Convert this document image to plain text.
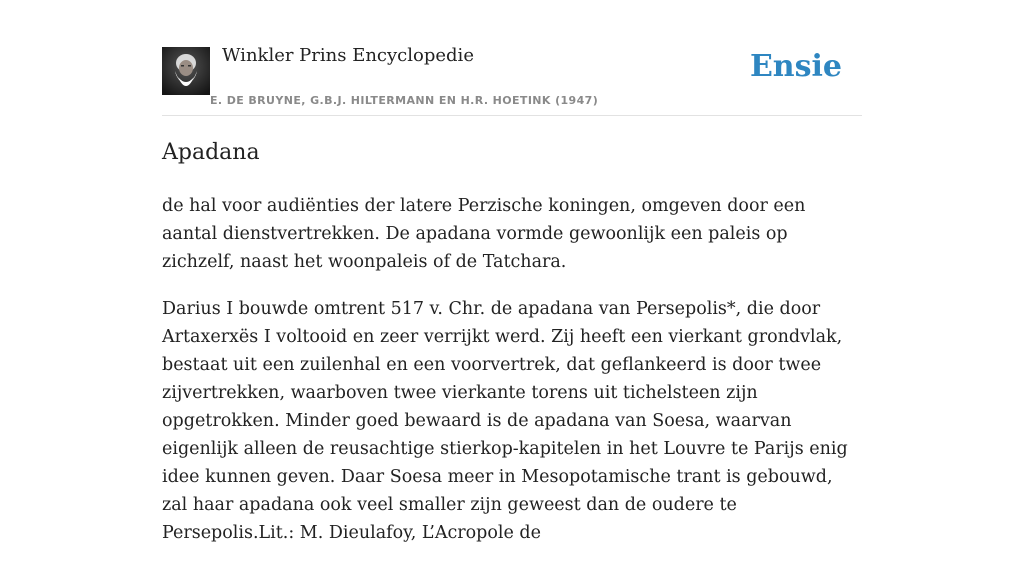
Winkler Prins Encyclopedie
E. DE BRUYNE, G.B.J. HILTERMANN EN H.R. HOETINK (1947)
Ensie
Apadana

de hal voor audiënties der latere Perzische koningen, omgeven door een aantal dienstvertrekken. De apadana vormde gewoonlijk een paleis op zichzelf, naast het woonpaleis of de Tatchara.

Darius I bouwde omtrent 517 v. Chr. de apadana van Persepolis*, die door Artaxerxës I voltooid en zeer verrijkt werd. Zij heeft een vierkant grondvlak, bestaat uit een zuilenhal en een voorvertrek, dat geflankeerd is door twee zijvertrekken, waarboven twee vierkante torens uit tichelsteen zijn opgetrokken. Minder goed bewaard is de apadana van Soesa, waarvan eigenlijk alleen de reusachtige stierkop-kapitelen in het Louvre te Parijs enig idee kunnen geven. Daar Soesa meer in Mesopotamische trant is gebouwd, zal haar apadana ook veel smaller zijn geweest dan de oudere te Persepolis.Lit.: M. Dieulafoy, L’Acropole de
